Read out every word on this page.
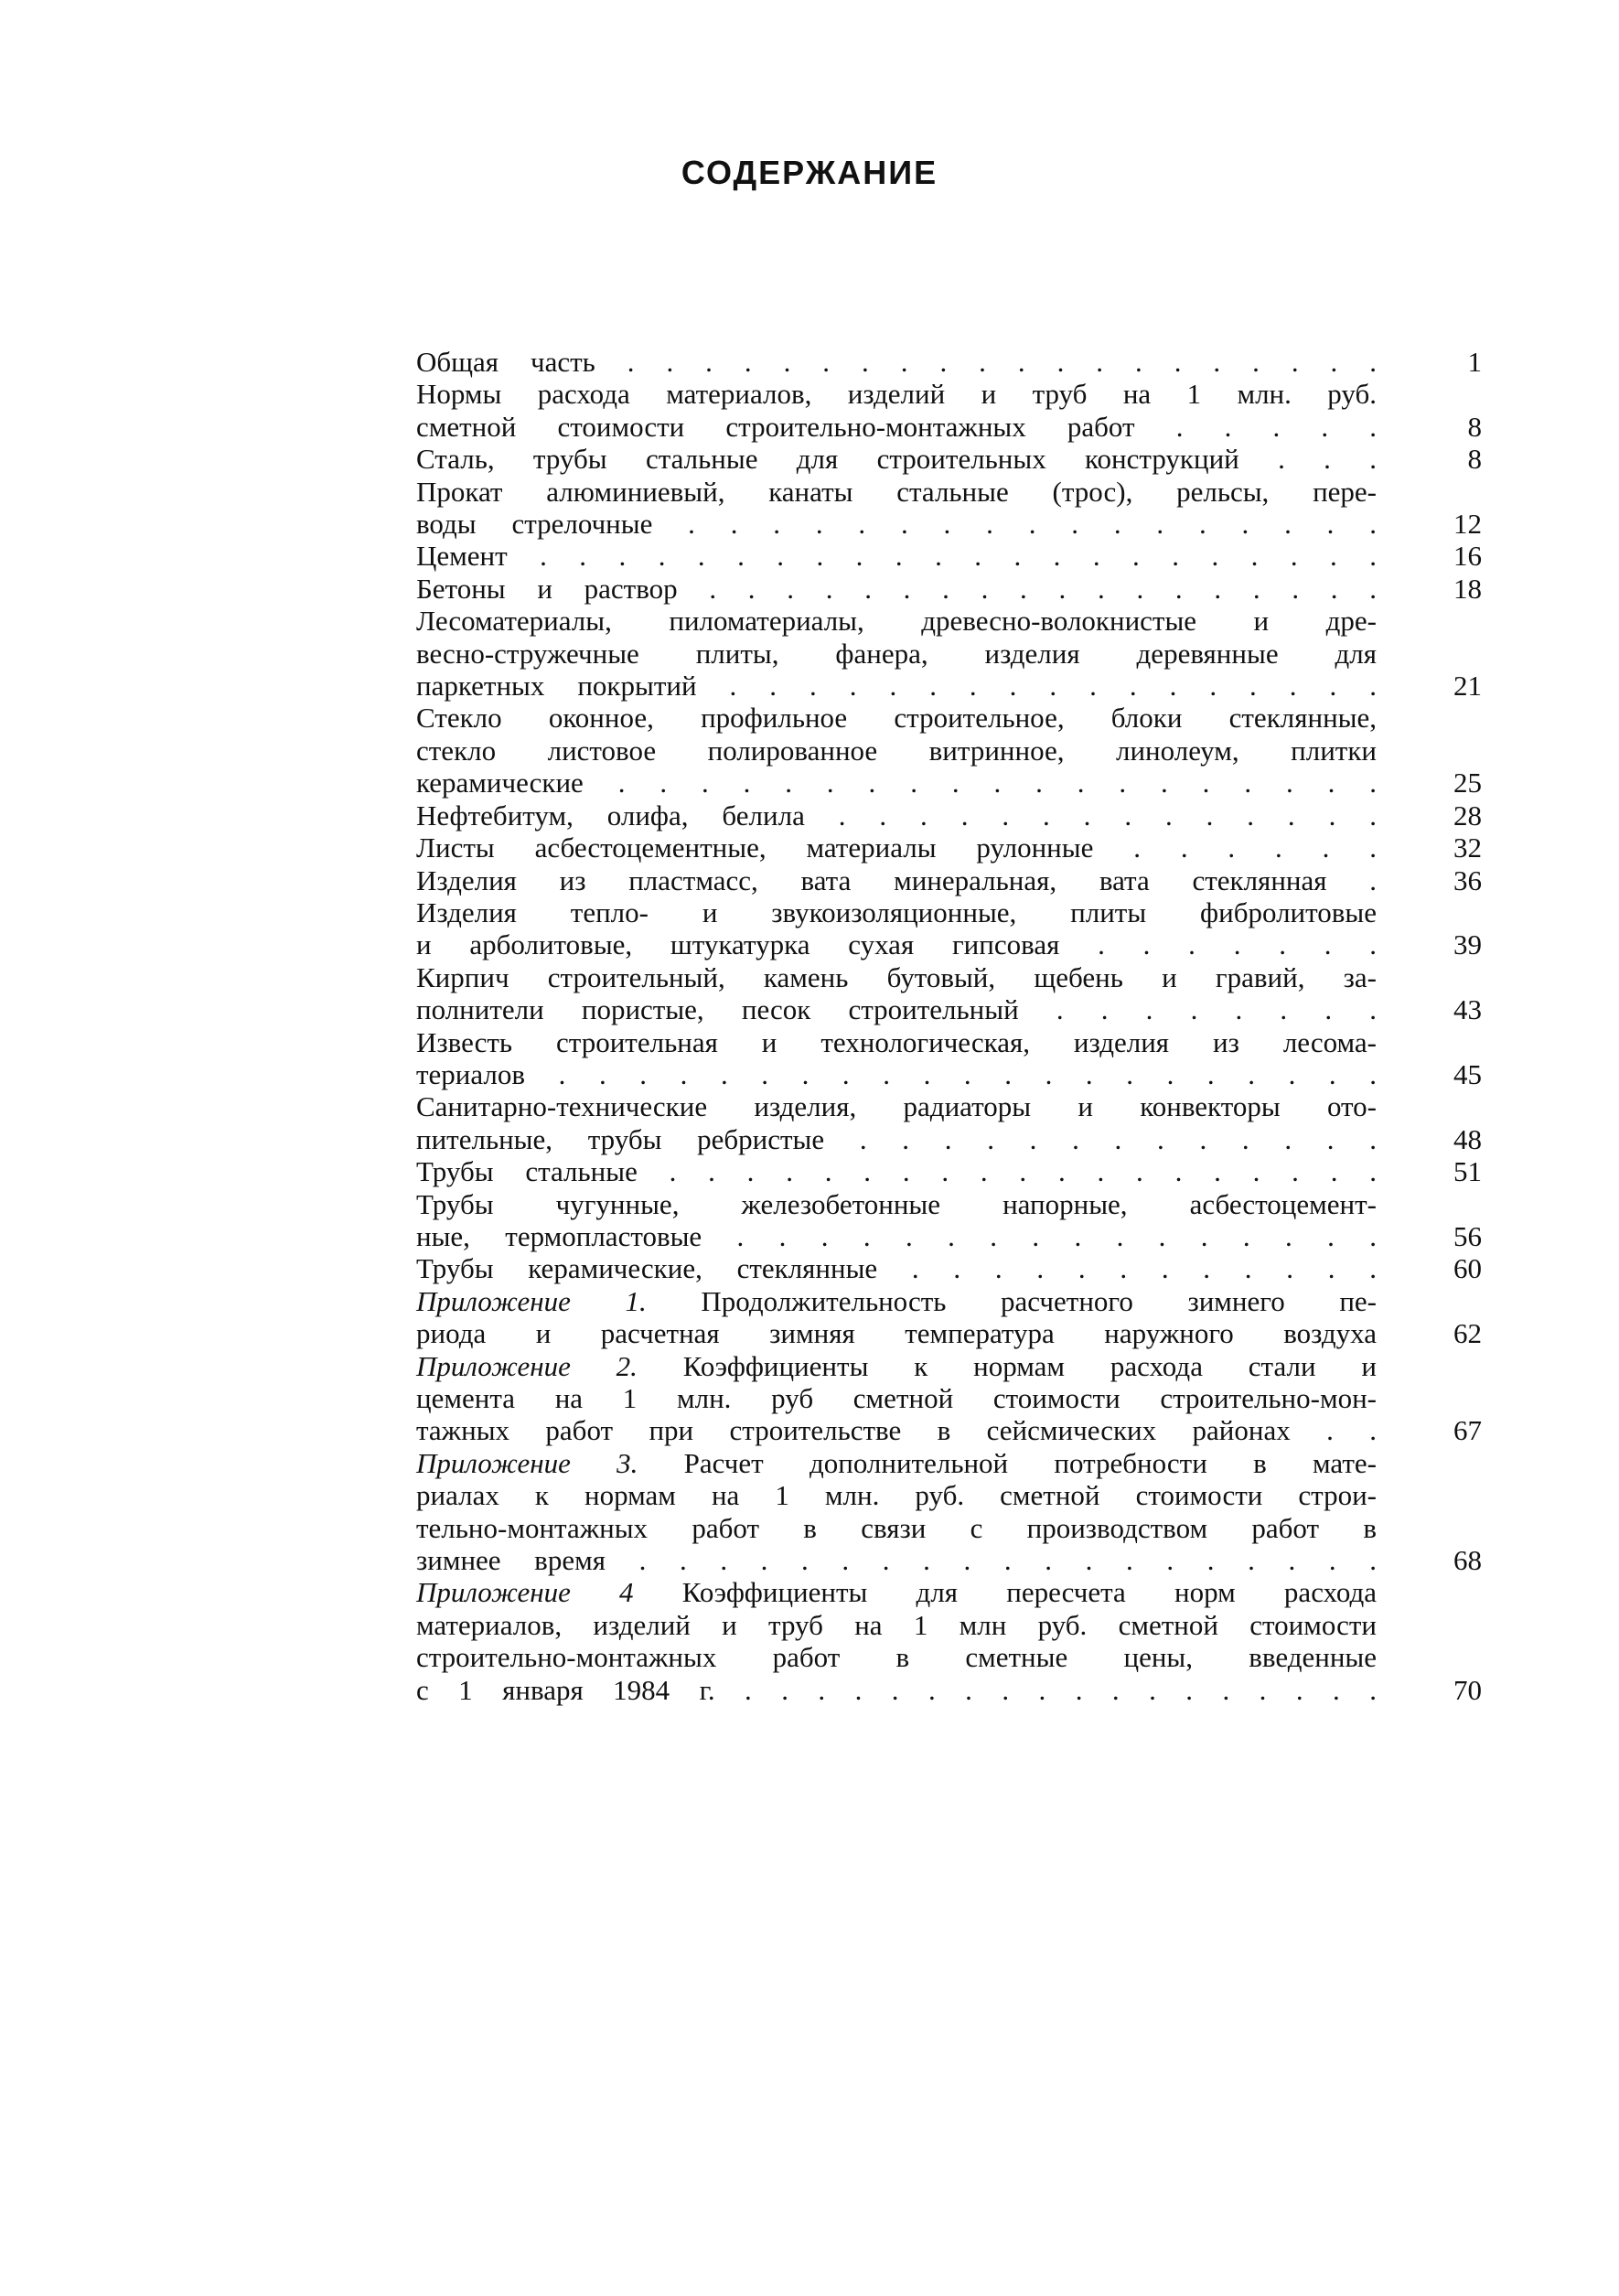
СОДЕРЖАНИЕ
Общая часть . . . . . . . . . . . . . . . . . . . .	1
Нормы расхода материалов, изделий и труб на 1 млн. руб.
сметной стоимости строительно-монтажных работ . . . . .	8
Сталь, трубы стальные для строительных конструкций . . .	8
Прокат алюминиевый, канаты стальные (трос), рельсы, пере-
воды стрелочные . . . . . . . . . . . . . . . . .	12
Цемент . . . . . . . . . . . . . . . . . . . . . .	16
Бетоны и раствор . . . . . . . . . . . . . . . . . .	18
Лесоматериалы, пиломатериалы, древесно-волокнистые и дре-
весно-стружечные плиты, фанера, изделия деревянные для
паркетных покрытий . . . . . . . . . . . . . . . . .	21
Стекло оконное, профильное строительное, блоки стеклянные,
стекло листовое полированное витринное, линолеум, плитки
керамические . . . . . . . . . . . . . . . . . . .	25
Нефтебитум, олифа, белила . . . . . . . . . . . . . .	28
Листы асбестоцементные, материалы рулонные . . . . . .	32
Изделия из пластмасс, вата минеральная, вата стеклянная .	36
Изделия тепло- и звукоизоляционные, плиты фибролитовые
и арболитовые, штукатурка сухая гипсовая . . . . . . .	39
Кирпич строительный, камень бутовый, щебень и гравий, за-
полнители пористые, песок строительный . . . . . . . .	43
Известь строительная и технологическая, изделия из лесома-
териалов . . . . . . . . . . . . . . . . . . . . .	45
Санитарно-технические изделия, радиаторы и конвекторы ото-
пительные, трубы ребристые . . . . . . . . . . . . .	48
Трубы стальные . . . . . . . . . . . . . . . . . . .	51
Трубы чугунные, железобетонные напорные, асбестоцемент-
ные, термопластовые . . . . . . . . . . . . . . . .	56
Трубы керамические, стеклянные . . . . . . . . . . . .	60
Приложение 1. Продолжительность расчетного зимнего пе-
риода и расчетная зимняя температура наружного воздуха	62
Приложение 2. Коэффициенты к нормам расхода стали и
цемента на 1 млн. руб сметной стоимости строительно-мон-
тажных работ при строительстве в сейсмических районах . .	67
Приложение 3. Расчет дополнительной потребности в мате-
риалах к нормам на 1 млн. руб. сметной стоимости строи-
тельно-монтажных работ в связи с производством работ в
зимнее время . . . . . . . . . . . . . . . . . . .	68
Приложение 4 Коэффициенты для пересчета норм расхода
материалов, изделий и труб на 1 млн руб. сметной стоимости
строительно-монтажных работ в сметные цены, введенные
с 1 января 1984 г. . . . . . . . . . . . . . . . . . .	70
